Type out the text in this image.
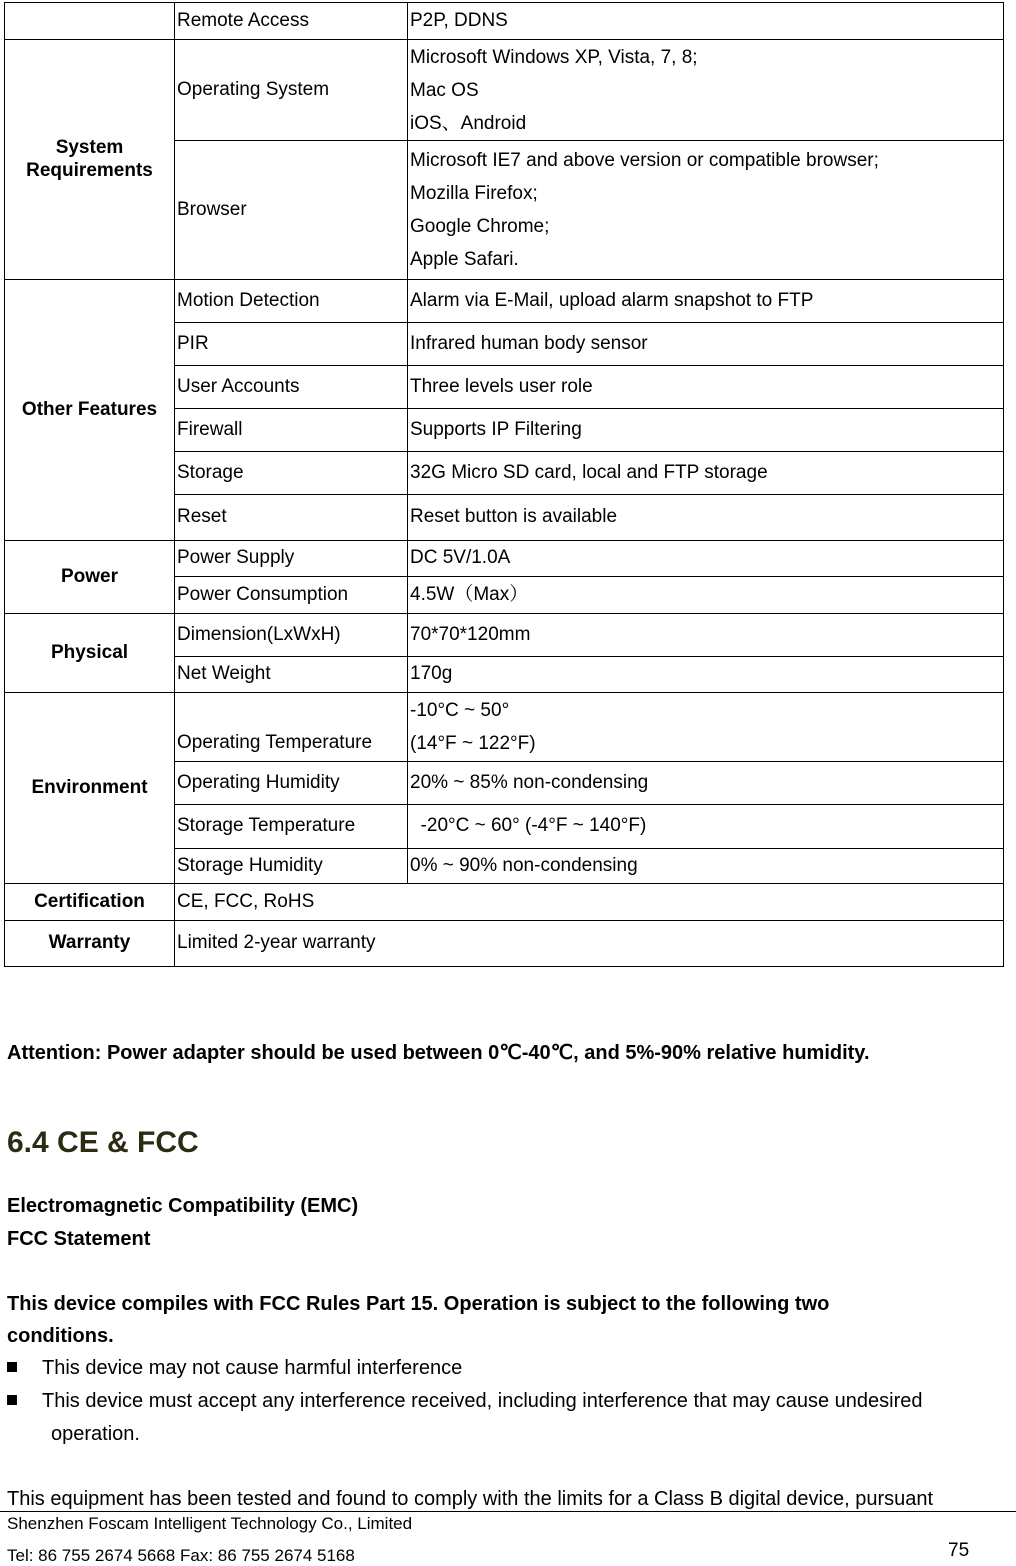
	Remote Access	P2P, DDNS
System Requirements	Operating System	Microsoft Windows XP, Vista, 7, 8;
Mac OS
iOS、Android

	Browser	Microsoft IE7 and above version or compatible browser;
Mozilla Firefox;
Google Chrome;
Apple Safari.

Other Features	Motion Detection	Alarm via E-Mail, upload alarm snapshot to FTP
	PIR	Infrared human body sensor
	User Accounts	Three levels user role
	Firewall	Supports IP Filtering
	Storage	32G Micro SD card, local and FTP storage
	Reset	Reset button is available
Power	Power Supply	DC 5V/1.0A
	Power Consumption	4.5W（Max）
Physical	Dimension(LxWxH)	70*70*120mm
	Net Weight	170g
Environment	Operating Temperature	-10°C ~ 50°
(14°F ~ 122°F)

	Operating Humidity	20% ~ 85% non-condensing
	Storage Temperature	-20°C ~ 60° (-4°F ~ 140°F)
	Storage Humidity	0% ~ 90% non-condensing
Certification	CE, FCC, RoHS	
Warranty	Limited 2-year warranty	
Attention: Power adapter should be used between 0℃-40℃, and 5%-90% relative humidity.
6.4 CE & FCC
Electromagnetic Compatibility (EMC)
FCC Statement
This device compiles with FCC Rules Part 15. Operation is subject to the following two
conditions.
This device may not cause harmful interference
This device must accept any interference received, including interference that may cause undesired
operation.
This equipment has been tested and found to comply with the limits for a Class B digital device, pursuant
Shenzhen Foscam Intelligent Technology Co., Limited
Tel: 86 755 2674 5668 Fax: 86 755 2674 5168	75
